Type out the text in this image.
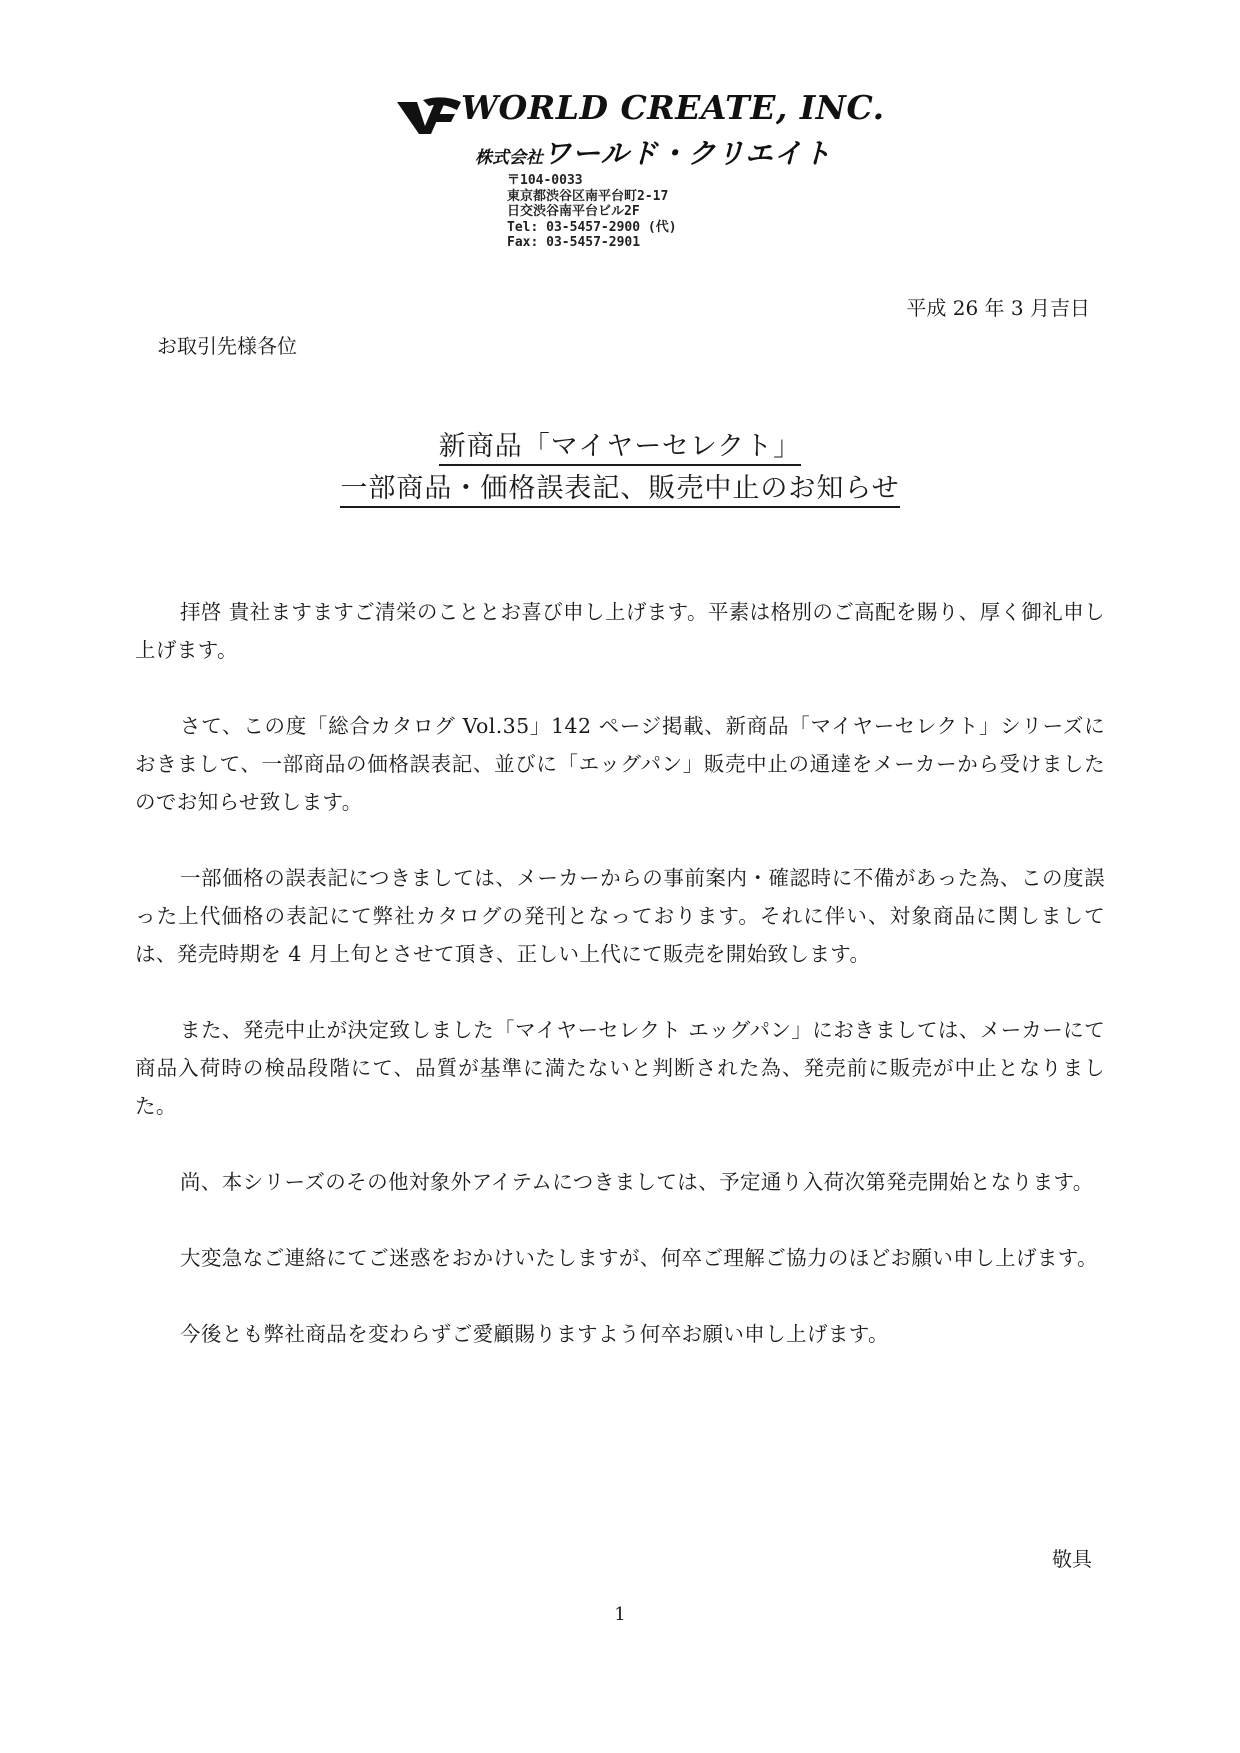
WORLD CREATE, INC.
株式会社ワールド・クリエイト
〒104-0033
東京都渋谷区南平台町2-17
日交渋谷南平台ビル2F
Tel: 03-5457-2900 (代)
Fax: 03-5457-2901
平成 26 年 3 月吉日
お取引先様各位
新商品「マイヤーセレクト」
一部商品・価格誤表記、販売中止のお知らせ

拝啓 貴社ますますご清栄のこととお喜び申し上げます。平素は格別のご高配を賜り、厚く御礼申し上げます。

さて、この度「総合カタログ Vol.35」142 ページ掲載、新商品「マイヤーセレクト」シリーズにおきまして、一部商品の価格誤表記、並びに「エッグパン」販売中止の通達をメーカーから受けましたのでお知らせ致します。

一部価格の誤表記につきましては、メーカーからの事前案内・確認時に不備があった為、この度誤った上代価格の表記にて弊社カタログの発刊となっております。それに伴い、対象商品に関しましては、発売時期を 4 月上旬とさせて頂き、正しい上代にて販売を開始致します。

また、発売中止が決定致しました「マイヤーセレクト エッグパン」におきましては、メーカーにて商品入荷時の検品段階にて、品質が基準に満たないと判断された為、発売前に販売が中止となりました。

尚、本シリーズのその他対象外アイテムにつきましては、予定通り入荷次第発売開始となります。

大変急なご連絡にてご迷惑をおかけいたしますが、何卒ご理解ご協力のほどお願い申し上げます。

今後とも弊社商品を変わらずご愛顧賜りますよう何卒お願い申し上げます。

敬具
1
